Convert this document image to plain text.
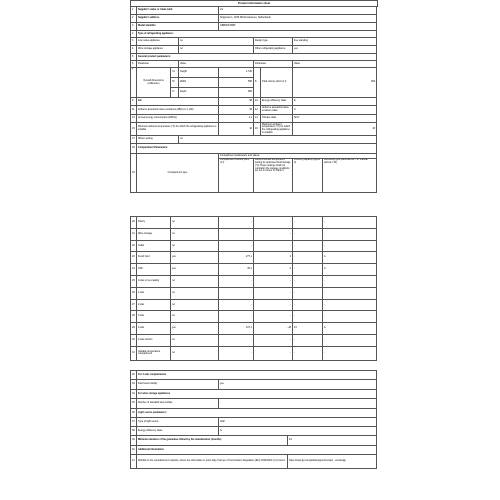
Product information sheet
1	Supplier's name or trade mark			LG				
2	Supplier's address			Krijgsman 1, 1186 DM Amstelveen, Netherlands				
3	Model identifier			GBB92STABP				
2	Type of refrigerating appliance:							
3	Low-noise appliance		no		Design type		free standing	
4	Wine storage appliance		no		Other refrigerating appliance		yes	
5	General product parameters:							
6	Parameter		Value		Parameter		Value	
7	Overall dimensions (millimetre)	7a	Height	1.720	8	Total volume (dm3 or l)	384	
		7b	Width	595				
		7c	Depth	682				
9	EEI			98	10	Energy efficiency class	E	
11	Airborne acoustical noise emissions (dB(A) re 1 pW)			36	12	Airborne acoustical noise emission class	C	
13	Annual energy consumption (kWh/a)			1.1	14	Climate class	SN-T	
15	Minimum ambient temperature (°C) for which the refrigerating appliance is suitable			10	16	Maximum ambient temperature (°C) for which the refrigerating appliance is suitable	43	
17	Winter setting		no					
18	Compartment Parameters:							
19	Compartment type			Compartment parameters and values				
				Compartment Volume (dm3 or l)	Recommended temperature setting for optimised food storage (°C) These settings shall not contradict the storage conditions set out in Annex IV, Table 3		Freezing capacity (kg/24 h)	Defrosting type (auto-defrost = A, manual defrost = M)
20	Pantry	no	-	-	-	-
21	Wine storage	no	-	-	-	-
22	Cellar	no	-	-	-	-
23	Fresh food	yes	277,1	4	-	A
24	Chill	yes	26,1	2	-	A
25	0-star or ice-making	no	-	-	-	-
26	1-star	no	-	-	-	-
27	2-star	no	-	-	-	-
28	3-star	no	-	-	-	-
29	4-star	yes	107,1	-18	13	A
30	2-star section	no	-	-	-	-
31	Variable temperature compartment	no	-	-	-	-
32	For 4-star compartments		
33	Fast freeze facility	yes	
34	For wine storage appliances		
35	Number of standard wine bottles	-	
36	Light source parameters:		
37	Type of light source	LED	
38	Energy efficiency class	G	
39	Minimum duration of the guarantee offered by the manufacturer (months)		24
40	Additional information:		
41	Weblink to the manufacturer's website, where the information in point 4(a) of Annex of Commission Regulation (EU) 2019/2019 (1) is found		https://www.lg.com/global/support/contact - ecodesign
